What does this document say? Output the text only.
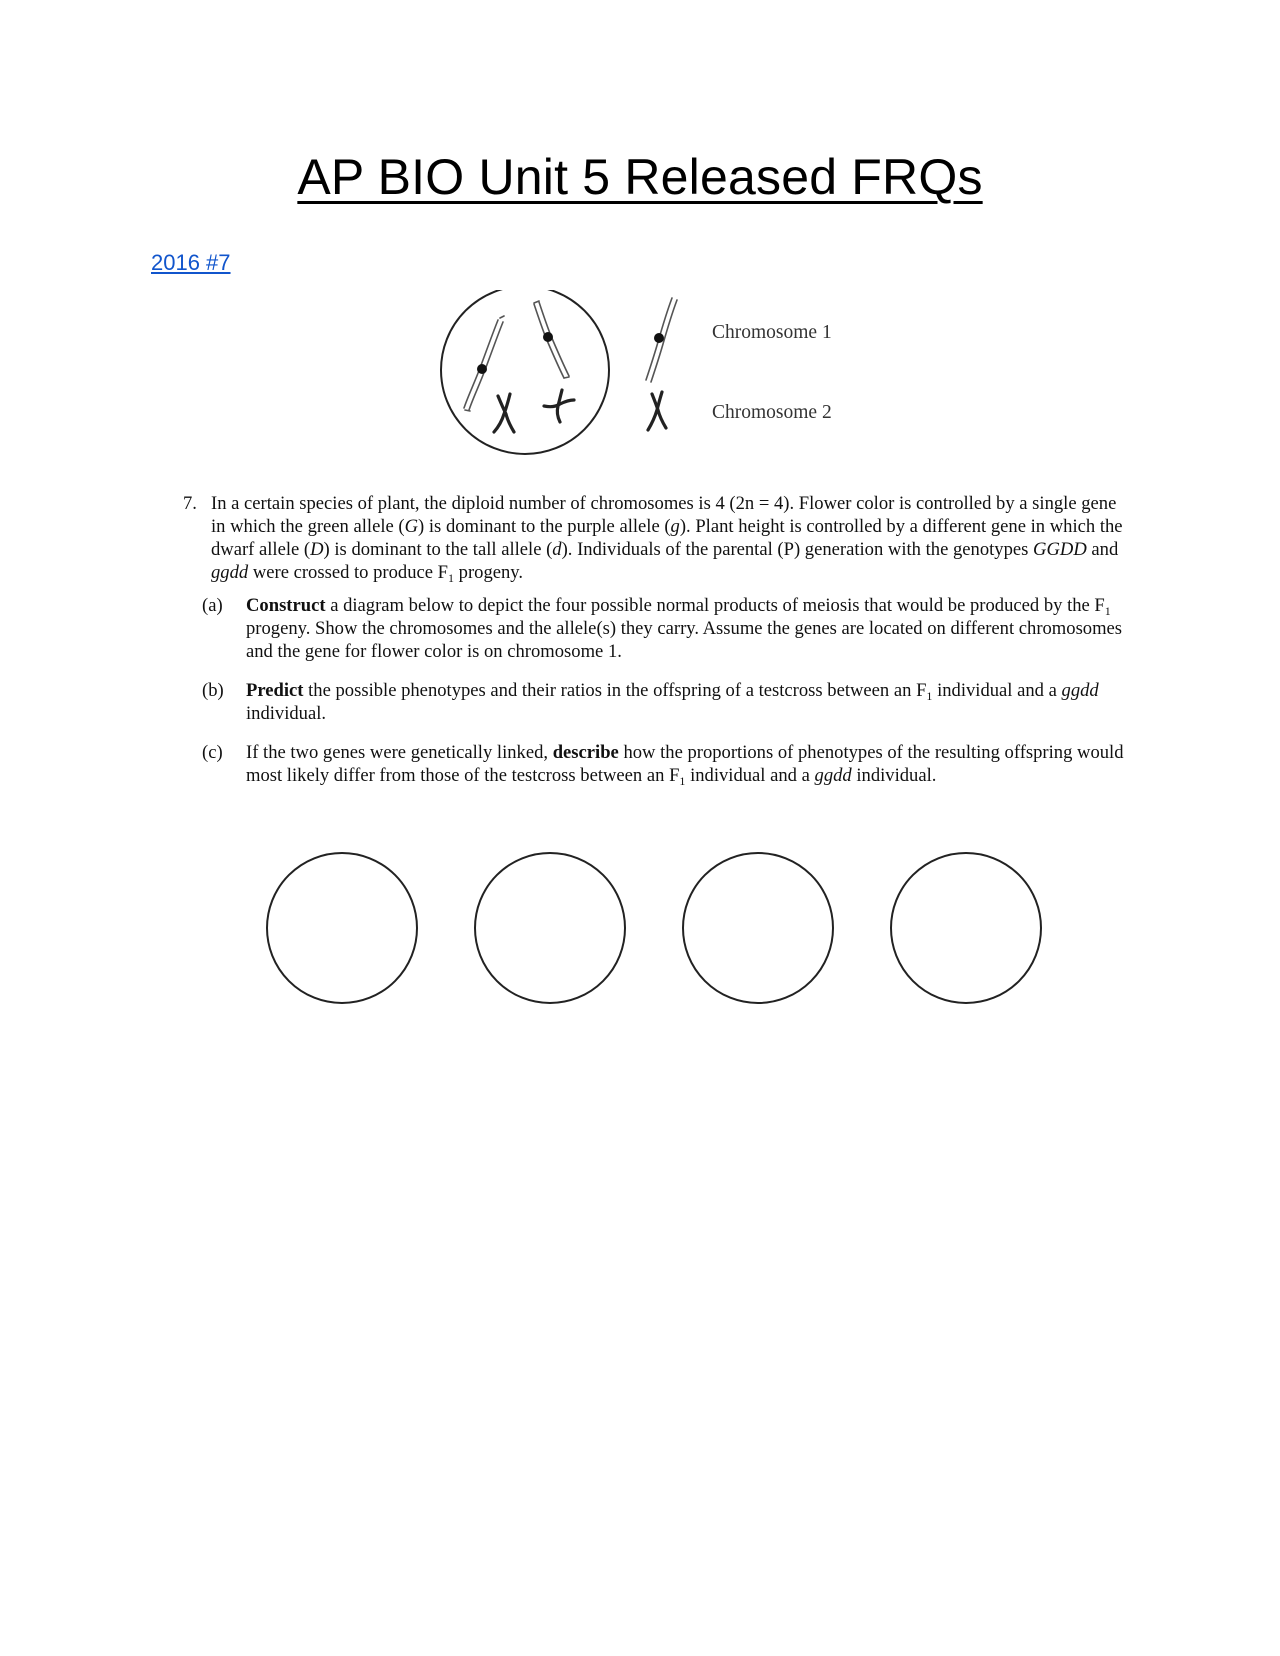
AP BIO Unit 5 Released FRQs
2016 #7
Chromosome 1
Chromosome 2
7. In a certain species of plant, the diploid number of chromosomes is 4 (2n = 4). Flower color is controlled by a single gene in which the green allele (G) is dominant to the purple allele (g). Plant height is controlled by a different gene in which the dwarf allele (D) is dominant to the tall allele (d). Individuals of the parental (P) generation with the genotypes GGDD and ggdd were crossed to produce $F_1$ progeny.
(a) Construct a diagram below to depict the four possible normal products of meiosis that would be produced by the $F_1$ progeny. Show the chromosomes and the allele(s) they carry. Assume the genes are located on different chromosomes and the gene for flower color is on chromosome 1.
(b) Predict the possible phenotypes and their ratios in the offspring of a testcross between an $F_1$ individual and a ggdd individual.
(c) If the two genes were genetically linked, describe how the proportions of phenotypes of the resulting offspring would most likely differ from those of the testcross between an $F_1$ individual and a ggdd individual.
